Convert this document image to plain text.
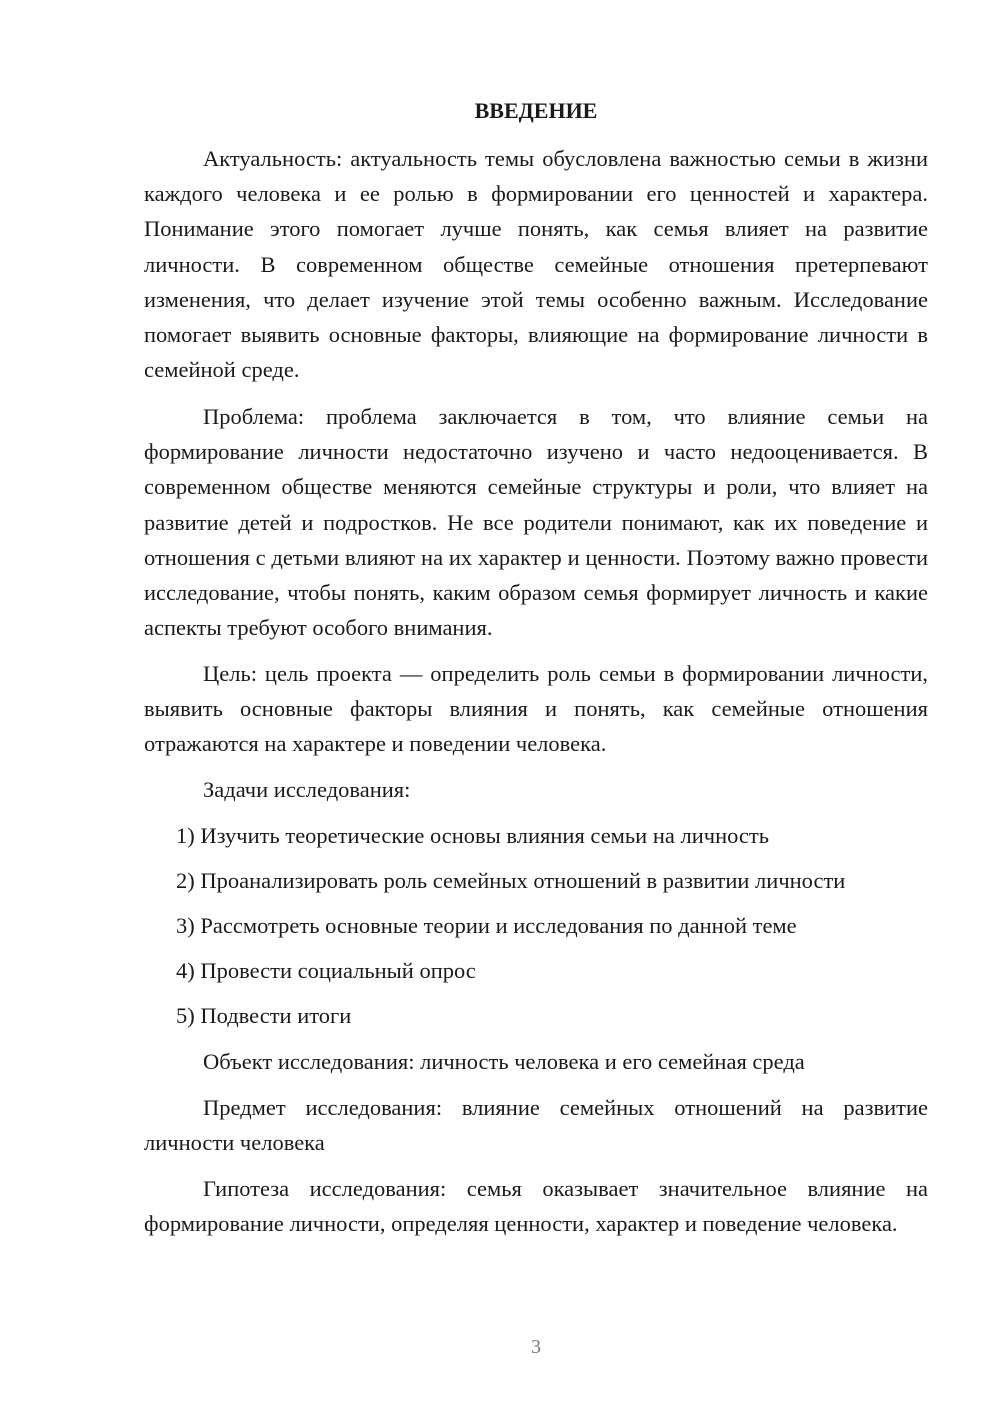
ВВЕДЕНИЕ

Актуальность: актуальность темы обусловлена важностью семьи в жизни каждого человека и ее ролью в формировании его ценностей и характера. Понимание этого помогает лучше понять, как семья влияет на развитие личности. В современном обществе семейные отношения претерпевают изменения, что делает изучение этой темы особенно важным. Исследование помогает выявить основные факторы, влияющие на формирование личности в семейной среде.

Проблема: проблема заключается в том, что влияние семьи на формирование личности недостаточно изучено и часто недооценивается. В современном обществе меняются семейные структуры и роли, что влияет на развитие детей и подростков. Не все родители понимают, как их поведение и отношения с детьми влияют на их характер и ценности. Поэтому важно провести исследование, чтобы понять, каким образом семья формирует личность и какие аспекты требуют особого внимания.

Цель: цель проекта — определить роль семьи в формировании личности, выявить основные факторы влияния и понять, как семейные отношения отражаются на характере и поведении человека.

Задачи исследования:

1) Изучить теоретические основы влияния семьи на личность
2) Проанализировать роль семейных отношений в развитии личности
3) Рассмотреть основные теории и исследования по данной теме
4) Провести социальный опрос
5) Подвести итоги

Объект исследования: личность человека и его семейная среда

Предмет исследования: влияние семейных отношений на развитие личности человека

Гипотеза исследования: семья оказывает значительное влияние на формирование личности, определяя ценности, характер и поведение человека.

3
